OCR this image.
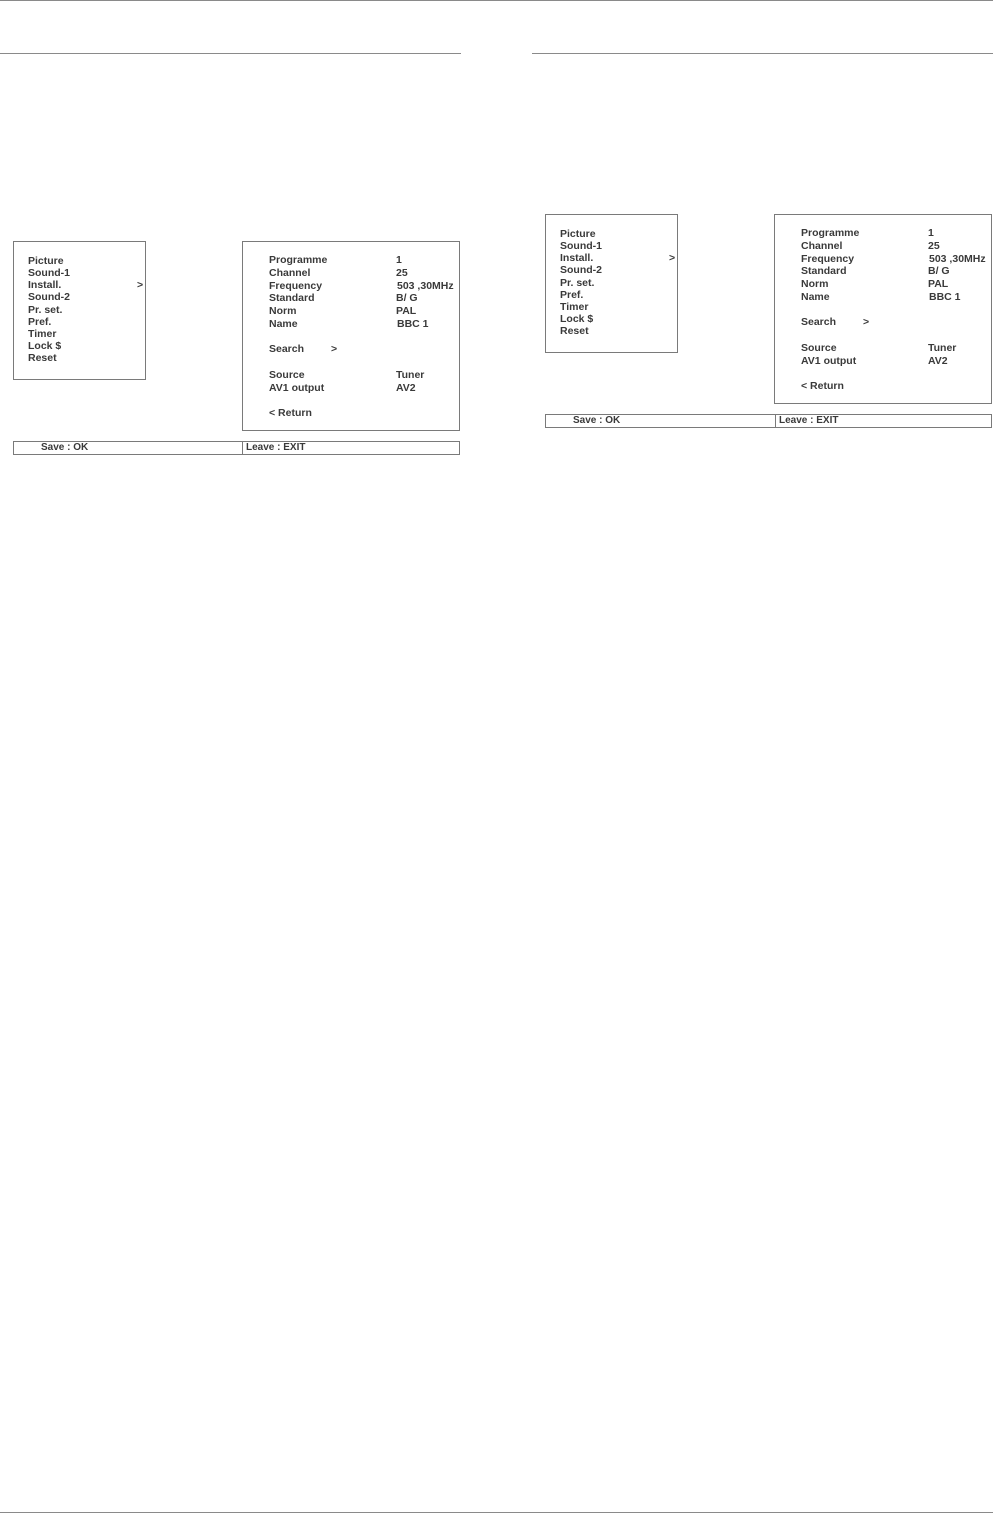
Picture
Sound-1
Install.	>
Sound-2
Pr. set.
Pref.
Timer
Lock $
Reset
Programme	1
Channel	25
Frequency	503 ,30MHz
Standard	B/ G
Norm	PAL
Name	BBC 1
Search	>
Source	Tuner
AV1 output	AV2
< Return
Save : OK	Leave : EXIT
Picture
Sound-1
Install.	>
Sound-2
Pr. set.
Pref.
Timer
Lock $
Reset
Programme	1
Channel	25
Frequency	503 ,30MHz
Standard	B/ G
Norm	PAL
Name	BBC 1
Search	>
Source	Tuner
AV1 output	AV2
< Return
Save : OK	Leave : EXIT
